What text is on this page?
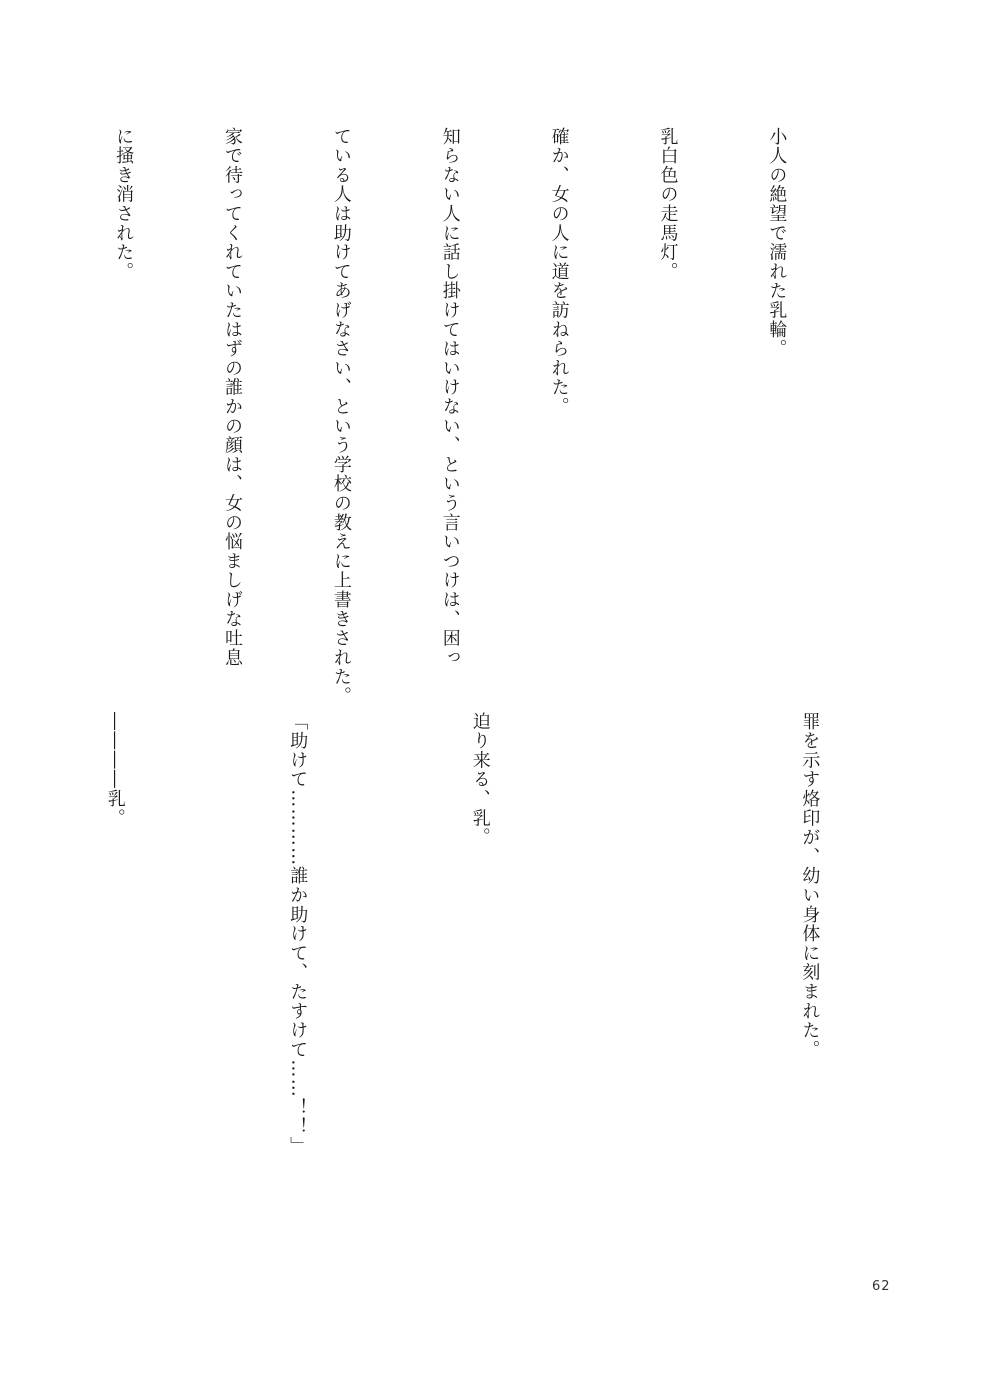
小人の絶望で濡れた乳輪。

乳白色の走馬灯。

確か、女の人に道を訪ねられた。

知らない人に話し掛けてはいけない、という言いつけは、困っ

ている人は助けてあげなさい、という学校の教えに上書きされた。

家で待ってくれていたはずの誰かの顔は、女の悩ましげな吐息

に掻き消された。

罪を示す烙印が、幼い身体に刻まれた。

迫り来る、乳。

「助けて…………誰か助けて、たすけて……！！」

――――乳。

62
